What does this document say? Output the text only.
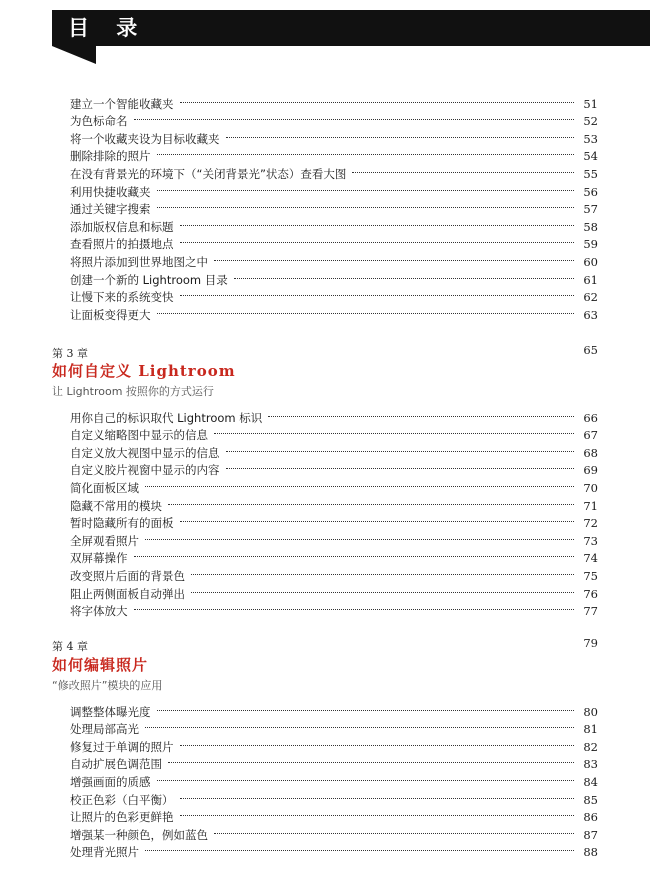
目 录
建立一个智能收藏夹	51
为色标命名	52
将一个收藏夹设为目标收藏夹	53
删除排除的照片	54
在没有背景光的环境下（“关闭背景光”状态）查看大图	55
利用快捷收藏夹	56
通过关键字搜索	57
添加版权信息和标题	58
查看照片的拍摄地点	59
将照片添加到世界地图之中	60
创建一个新的 Lightroom 目录	61
让慢下来的系统变快	62
让面板变得更大	63
第 3 章	65
如何自定义 Lightroom
让 Lightroom 按照你的方式运行
用你自己的标识取代 Lightroom 标识	66
自定义缩略图中显示的信息	67
自定义放大视图中显示的信息	68
自定义胶片视窗中显示的内容	69
简化面板区域	70
隐藏不常用的模块	71
暂时隐藏所有的面板	72
全屏观看照片	73
双屏幕操作	74
改变照片后面的背景色	75
阻止两侧面板自动弹出	76
将字体放大	77
第 4 章	79
如何编辑照片
“修改照片”模块的应用
调整整体曝光度	80
处理局部高光	81
修复过于单调的照片	82
自动扩展色调范围	83
增强画面的质感	84
校正色彩（白平衡）	85
让照片的色彩更鲜艳	86
增强某一种颜色，例如蓝色	87
处理背光照片	88
